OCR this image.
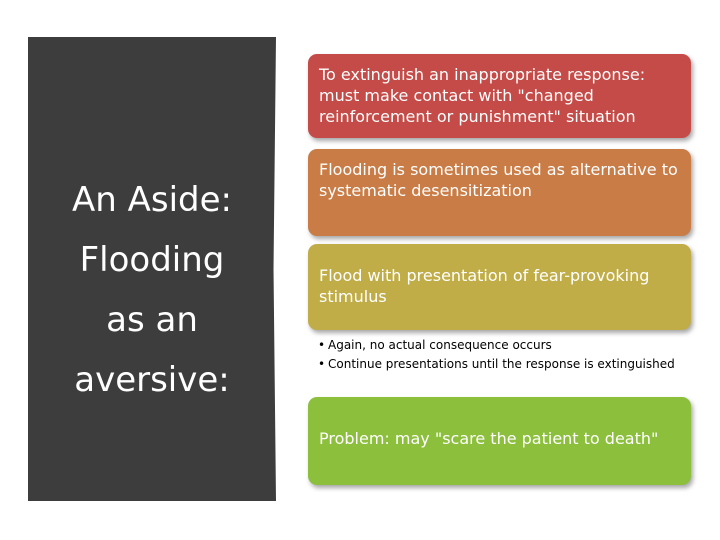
An Aside:
Flooding
as an
aversive:
To extinguish an inappropriate response: must make contact with "changed reinforcement or punishment" situation
Flooding is sometimes used as alternative to systematic desensitization
Flood with presentation of fear-provoking stimulus
• Again, no actual consequence occurs
• Continue presentations until the response is extinguished
Problem: may "scare the patient to death"
